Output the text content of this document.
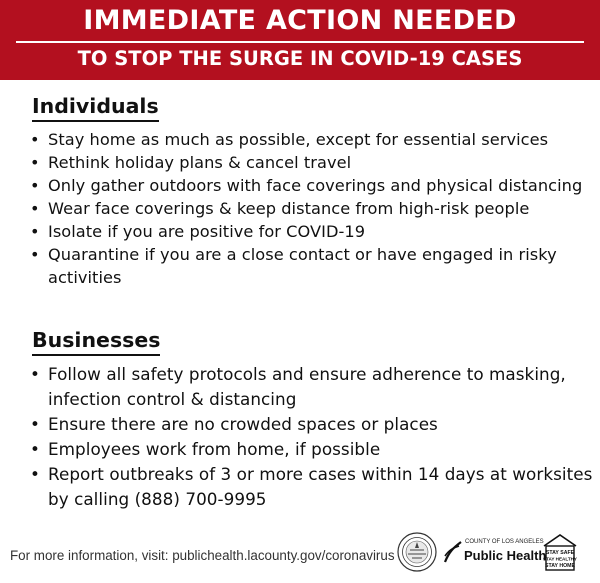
IMMEDIATE ACTION NEEDED
TO STOP THE SURGE IN COVID-19 CASES
Individuals
• Stay home as much as possible, except for essential services
• Rethink holiday plans & cancel travel
• Only gather outdoors with face coverings and physical distancing
• Wear face coverings & keep distance from high-risk people
• Isolate if you are positive for COVID-19
• Quarantine if you are a close contact or have engaged in risky activities
Businesses
• Follow all safety protocols and ensure adherence to masking, infection control & distancing
• Ensure there are no crowded spaces or places
• Employees work from home, if possible
• Report outbreaks of 3 or more cases within 14 days at worksites by calling (888) 700-9995
For more information, visit: publichealth.lacounty.gov/coronavirus
COUNTY OF LOS ANGELES
Public Health STAY SAFE
STAY HEALTHY
STAY HOME
